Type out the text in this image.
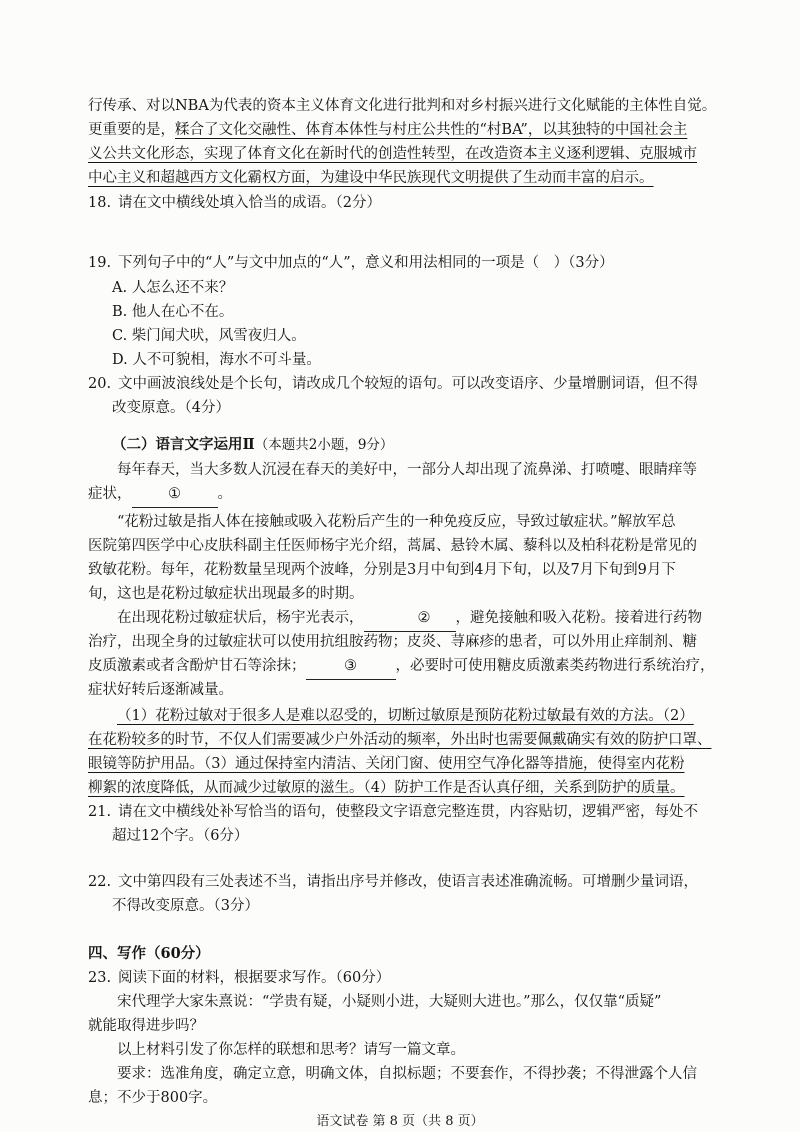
行传承、对以NBA为代表的资本主义体育文化进行批判和对乡村振兴进行文化赋能的主体性自觉。
更重要的是，糅合了文化交融性、体育本体性与村庄公共性的“村BA”，以其独特的中国社会主
义公共文化形态，实现了体育文化在新时代的创造性转型，在改造资本主义逐利逻辑、克服城市
中心主义和超越西方文化霸权方面，为建设中华民族现代文明提供了生动而丰富的启示。
18. 请在文中横线处填入恰当的成语。（2分）
19. 下列句子中的“人”与文中加点的“人”，意义和用法相同的一项是（　）（3分）
A. 人怎么还不来？
B. 他人在心不在。
C. 柴门闻犬吠，风雪夜归人。
D. 人不可貌相，海水不可斗量。
20. 文中画波浪线处是个长句，请改成几个较短的语句。可以改变语序、少量增删词语，但不得
改变原意。（4分）
（二）语言文字运用Ⅱ（本题共2小题，9分）
每年春天，当大多数人沉浸在春天的美好中，一部分人却出现了流鼻涕、打喷嚏、眼睛痒等
症状，	①	。
“花粉过敏是指人体在接触或吸入花粉后产生的一种免疫反应，导致过敏症状。”解放军总
医院第四医学中心皮肤科副主任医师杨宇光介绍，蒿属、悬铃木属、藜科以及柏科花粉是常见的
致敏花粉。每年，花粉数量呈现两个波峰，分别是3月中旬到4月下旬，以及7月下旬到9月下
旬，这也是花粉过敏症状出现最多的时期。
在出现花粉过敏症状后，杨宇光表示，	② ，避免接触和吸入花粉。接着进行药物
治疗，出现全身的过敏症状可以使用抗组胺药物；皮炎、荨麻疹的患者，可以外用止痒制剂、糖
皮质激素或者含酚炉甘石等涂抹；	③	，必要时可使用糖皮质激素类药物进行系统治疗，
症状好转后逐渐减量。
（1）花粉过敏对于很多人是难以忍受的，切断过敏原是预防花粉过敏最有效的方法。（2）
在花粉较多的时节，不仅人们需要减少户外活动的频率，外出时也需要佩戴确实有效的防护口罩、
眼镜等防护用品。（3）通过保持室内清洁、关闭门窗、使用空气净化器等措施，使得室内花粉
柳絮的浓度降低，从而减少过敏原的滋生。（4）防护工作是否认真仔细，关系到防护的质量。
21. 请在文中横线处补写恰当的语句，使整段文字语意完整连贯，内容贴切，逻辑严密，每处不
超过12个字。（6分）
22. 文中第四段有三处表述不当，请指出序号并修改，使语言表述准确流畅。可增删少量词语，
不得改变原意。（3分）
四、写作（60分）
23. 阅读下面的材料，根据要求写作。（60分）
宋代理学大家朱熹说：“学贵有疑，小疑则小进，大疑则大进也。”那么，仅仅靠“质疑”
就能取得进步吗？
以上材料引发了你怎样的联想和思考？请写一篇文章。
要求：选准角度，确定立意，明确文体，自拟标题；不要套作，不得抄袭；不得泄露个人信
息；不少于800字。
语文试卷 第 8 页（共 8 页）
